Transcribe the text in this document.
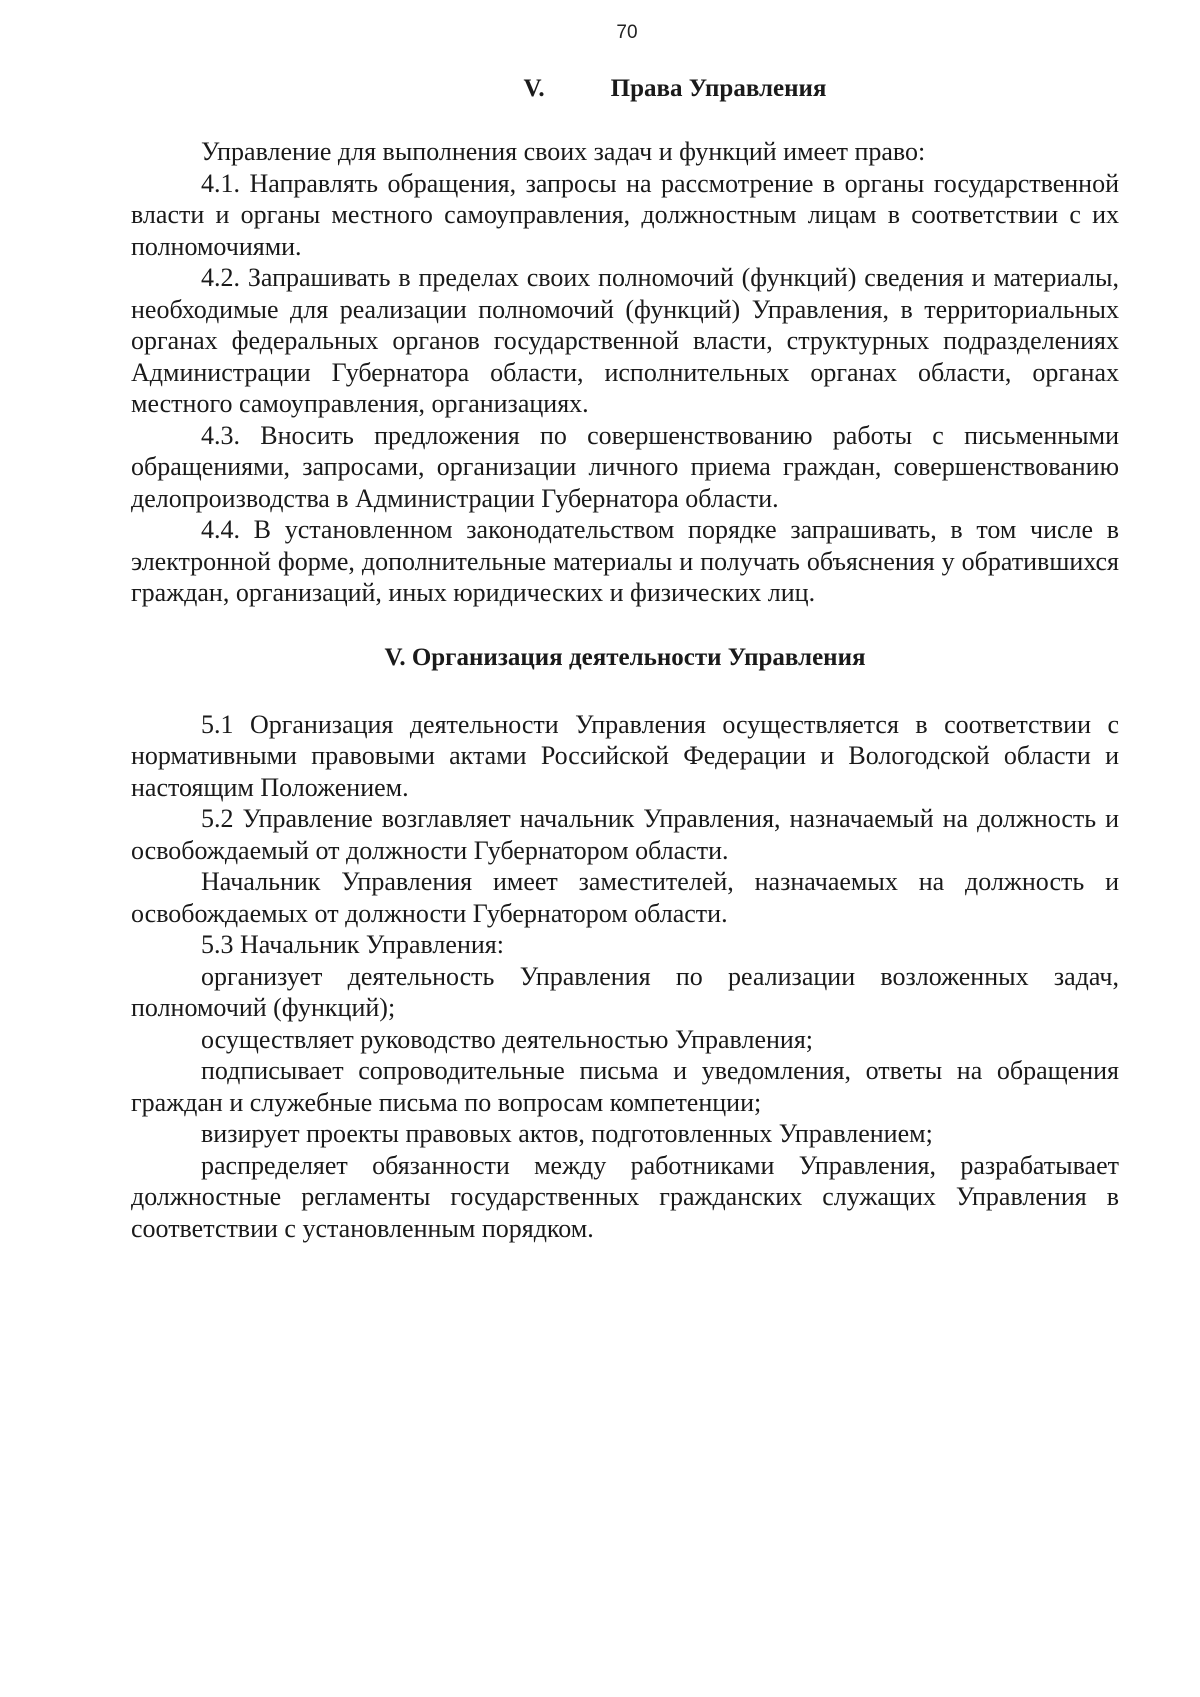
70
V.	Права Управления

Управление для выполнения своих задач и функций имеет право:

4.1. Направлять обращения, запросы на рассмотрение в органы государственной власти и органы местного самоуправления, должностным лицам в соответствии с их полномочиями.

4.2. Запрашивать в пределах своих полномочий (функций) сведения и материалы, необходимые для реализации полномочий (функций) Управления, в территориальных органах федеральных органов государственной власти, структурных подразделениях Администрации Губернатора области, исполнительных органах области, органах местного самоуправления, организациях.

4.3. Вносить предложения по совершенствованию работы с письменными обращениями, запросами, организации личного приема граждан, совершенствованию делопроизводства в Администрации Губернатора области.

4.4. В установленном законодательством порядке запрашивать, в том числе в электронной форме, дополнительные материалы и получать объяснения у обратившихся граждан, организаций, иных юридических и физических лиц.

V. Организация деятельности Управления

5.1 Организация деятельности Управления осуществляется в соответствии с нормативными правовыми актами Российской Федерации и Вологодской области и настоящим Положением.

5.2 Управление возглавляет начальник Управления, назначаемый на должность и освобождаемый от должности Губернатором области.

Начальник Управления имеет заместителей, назначаемых на должность и освобождаемых от должности Губернатором области.

5.3 Начальник Управления:

организует деятельность Управления по реализации возложенных задач, полномочий (функций);

осуществляет руководство деятельностью Управления;

подписывает сопроводительные письма и уведомления, ответы на обращения граждан и служебные письма по вопросам компетенции;

визирует проекты правовых актов, подготовленных Управлением;

распределяет обязанности между работниками Управления, разрабатывает должностные регламенты государственных гражданских служащих Управления в соответствии с установленным порядком.
